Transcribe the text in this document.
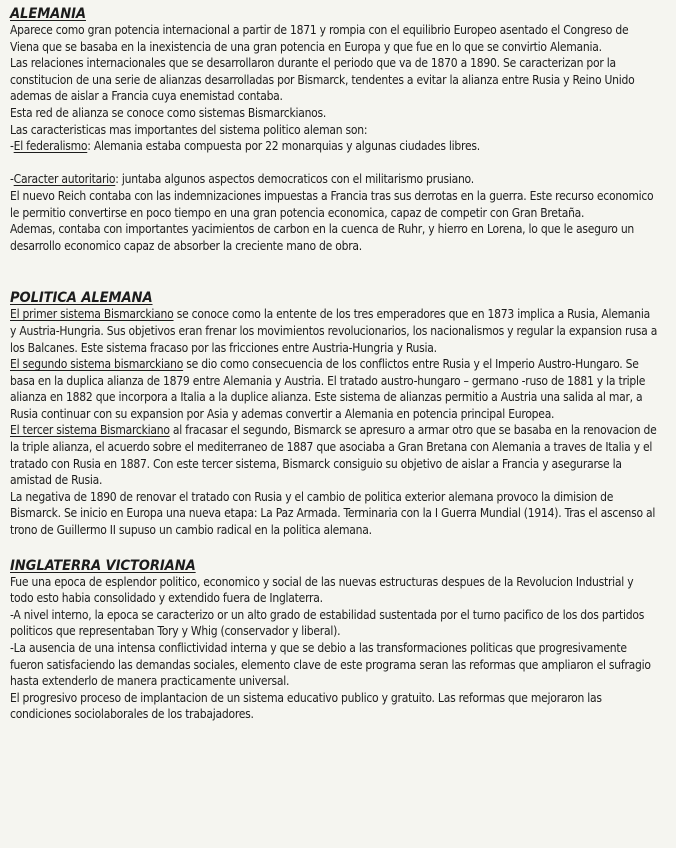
ALEMANIA

Aparece como gran potencia internacional a partir de 1871 y rompia con el equilibrio Europeo asentado el Congreso de Viena que se basaba en la inexistencia de una gran potencia en Europa y que fue en lo que se convirtio Alemania.

Las relaciones internacionales que se desarrollaron durante el periodo que va de 1870 a 1890. Se caracterizan por la constitucion de una serie de alianzas desarrolladas por Bismarck, tendentes a evitar la alianza entre Rusia y Reino Unido ademas de aislar a Francia cuya enemistad contaba.

Esta red de alianza se conoce como sistemas Bismarckianos.

Las caracteristicas mas importantes del sistema politico aleman son:

-El federalismo: Alemania estaba compuesta por 22 monarquias y algunas ciudades libres.

-Caracter autoritario: juntaba algunos aspectos democraticos con el militarismo prusiano.

El nuevo Reich contaba con las indemnizaciones impuestas a Francia tras sus derrotas en la guerra. Este recurso economico le permitio convertirse en poco tiempo en una gran potencia economica, capaz de competir con Gran Bretaña.

Ademas, contaba con importantes yacimientos de carbon en la cuenca de Ruhr, y hierro en Lorena, lo que le aseguro un desarrollo economico capaz de absorber la creciente mano de obra.

POLITICA ALEMANA

El primer sistema Bismarckiano se conoce como la entente de los tres emperadores que en 1873 implica a Rusia, Alemania y Austria-Hungria. Sus objetivos eran frenar los movimientos revolucionarios, los nacionalismos y regular la expansion rusa a los Balcanes. Este sistema fracaso por las fricciones entre Austria-Hungria y Rusia.

El segundo sistema bismarckiano se dio como consecuencia de los conflictos entre Rusia y el Imperio Austro-Hungaro. Se basa en la duplica alianza de 1879 entre Alemania y Austria. El tratado austro-hungaro – germano -ruso de 1881 y la triple alianza en 1882 que incorpora a Italia a la duplice alianza. Este sistema de alianzas permitio a Austria una salida al mar, a Rusia continuar con su expansion por Asia y ademas convertir a Alemania en potencia principal Europea.

El tercer sistema Bismarckiano al fracasar el segundo, Bismarck se apresuro a armar otro que se basaba en la renovacion de la triple alianza, el acuerdo sobre el mediterraneo de 1887 que asociaba a Gran Bretana con Alemania a traves de Italia y el tratado con Rusia en 1887. Con este tercer sistema, Bismarck consiguio su objetivo de aislar a Francia y asegurarse la amistad de Rusia.

La negativa de 1890 de renovar el tratado con Rusia y el cambio de politica exterior alemana provoco la dimision de Bismarck. Se inicio en Europa una nueva etapa: La Paz Armada. Terminaria con la I Guerra Mundial (1914). Tras el ascenso al trono de Guillermo II supuso un cambio radical en la politica alemana.

INGLATERRA VICTORIANA

Fue una epoca de esplendor politico, economico y social de las nuevas estructuras despues de la Revolucion Industrial y todo esto habia consolidado y extendido fuera de Inglaterra.

-A nivel interno, la epoca se caracterizo or un alto grado de estabilidad sustentada por el turno pacifico de los dos partidos politicos que representaban Tory y Whig (conservador y liberal).

-La ausencia de una intensa conflictividad interna y que se debio a las transformaciones politicas que progresivamente fueron satisfaciendo las demandas sociales, elemento clave de este programa seran las reformas que ampliaron el sufragio hasta extenderlo de manera practicamente universal.

El progresivo proceso de implantacion de un sistema educativo publico y gratuito. Las reformas que mejoraron las condiciones sociolaborales de los trabajadores.
